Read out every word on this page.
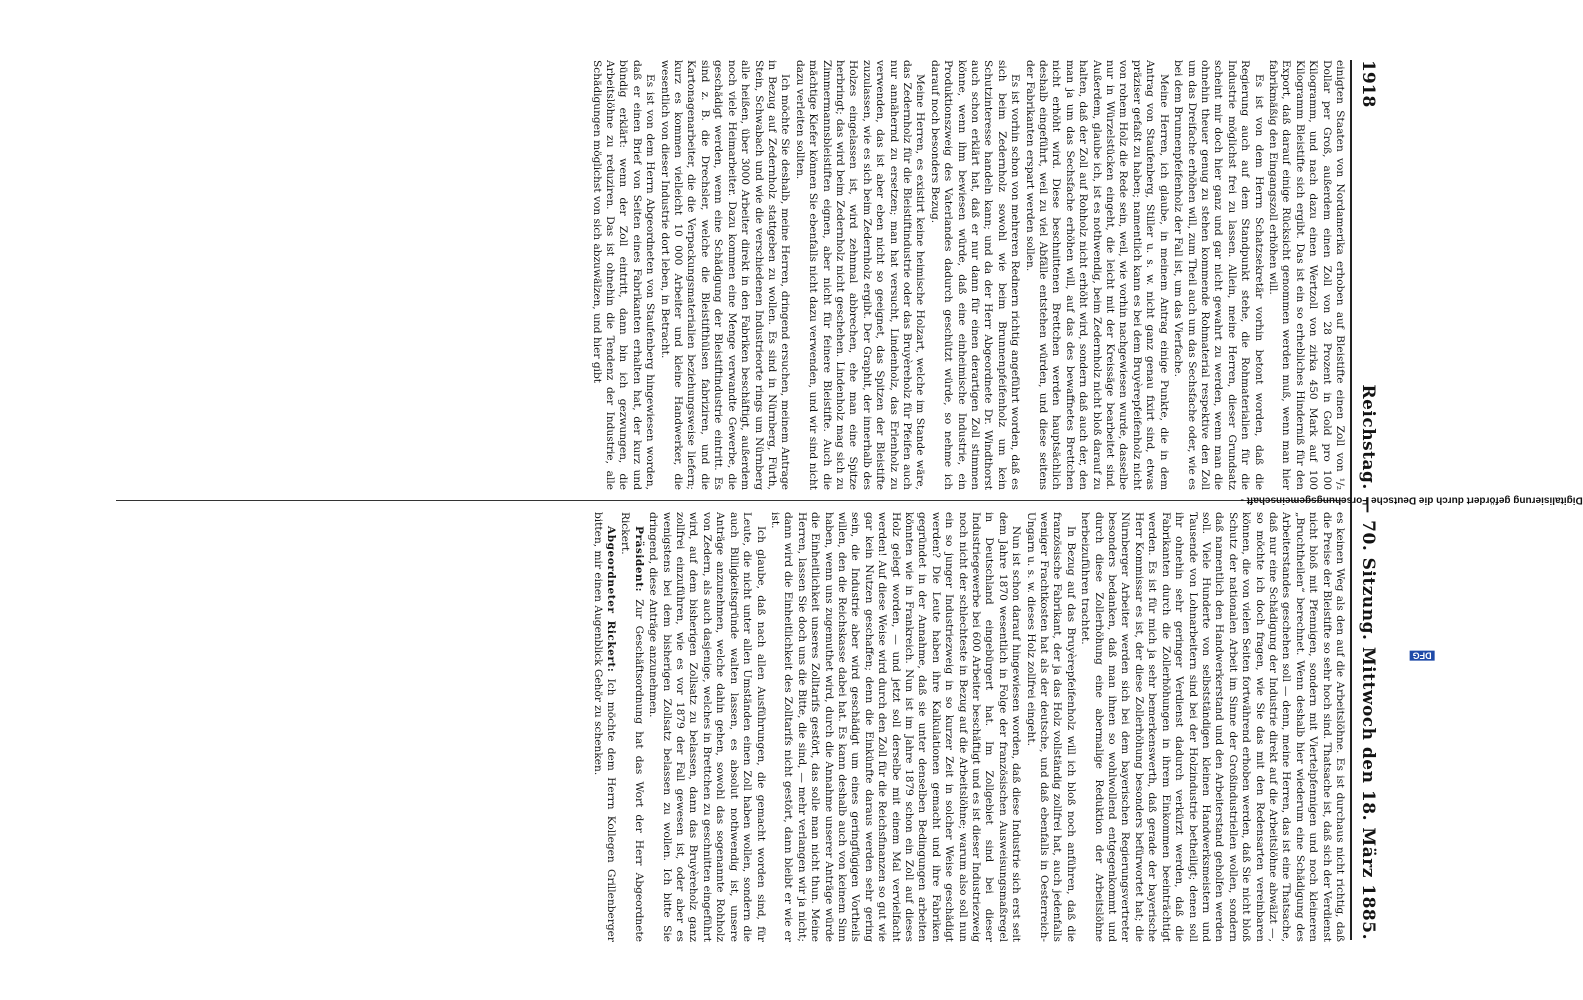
1918
Reichstag. — 70. Sitzung. Mittwoch den 18. März 1885.

einigten Staaten von Nordamerika erhoben auf Bleistifte einen Zoll von ¹/₂ Dollar per Groß, außerdem einen Zoll von 28 Prozent in Gold pro 100 Kilogramm, und nach dazu einen Wertzoll von zirka 450 Mark auf 100 Kilogramm Bleistifte sich ergibt. Das ist ein so erhebliches Hinderniß für den Export, daß darauf einige Rücksicht genommen werden muß, wenn man hier fabrikmäßig den Eingangszoll erhöhen will.

Es ist von dem Herrn Schatzsekretär vorhin betont worden, daß die Regierung auch auf dem Standpunkt stehe, die Rohmaterialien für die Industrie möglichst frei zu lassen. Allein, meine Herren, dieser Grundsatz scheint mir doch hier ganz und gar nicht gewahrt zu werden, wenn man die ohnehin theuer genug zu stehen kommende Rohmaterial respektive den Zoll um das Dreifache erhöhen will, zum Theil auch um das Sechsfache oder, wie es bei dem Brunnenpfeifenholz der Fall ist, um das Vierfache.

Meine Herren, ich glaube, in meinem Antrag einige Punkte, die in dem Antrag von Staufenberg, Stiller u. s. w. nicht ganz genau fixirt sind, etwas präziser gefaßt zu haben; namentlich kann es bei dem Bruyèrepfeifenholz nicht von rohem Holz die Rede sein, weil, wie vorhin nachgewiesen wurde, dasselbe nur in Würzelstücken eingeht, die leicht mit der Kreissäge bearbeitet sind. Außerdem, glaube ich, ist es nothwendig, beim Zedernholz nicht bloß darauf zu halten, daß der Zoll auf Rohholz nicht erhöht wird, sondern daß auch der, den man ja um das Sechsfache erhöhen will, auf das des bewaffnetes Brettchen nicht erhöht wird. Diese beschnittenen Brettchen werden hauptsächlich deshalb eingeführt, weil zu viel Abfälle entstehen würden, und diese seitens der Fabrikanten erspart werden sollen.

Es ist vorhin schon von mehreren Rednern richtig angeführt worden, daß es sich beim Zedernholz sowohl wie beim Brunnenpfeifenholz um kein Schutzinteresse handeln kann; und da der Herr Abgeordnete Dr. Windthorst auch schon erklärt hat, daß er nur dann für einen derartigen Zoll stimmen könne, wenn ihm bewiesen würde, daß eine einheimische Industrie, ein Produktionszweig des Vaterlandes dadurch geschützt würde, so nehme ich darauf noch besonders Bezug.

Meine Herren, es existirt keine heimische Holzart, welche im Stande wäre, das Zedernholz für die Bleistiftindustrie oder das Bruyèreholz für Pfeifen auch nur annähernd zu ersetzen; man hat versucht, Lindenholz, das Erlenholz zu verwenden, das ist aber eben nicht so geeignet, das Spitzen der Bleistifte zuzulassen, wie es sich beim Zedernholz ergibt. Der Graphit, der innerhalb des Holzes eingelassen ist, wird zehnmal abbrechen, ehe man eine Spitze herbringt; das wird beim Zedernholz nicht geschehen. Lindenholz mag sich zu Zimmermannsbleistiften eignen, aber nicht für feinere Bleistifte. Auch die mächtige Kiefer können Sie ebenfalls nicht dazu verwenden, und wir sind nicht dazu verleiten sollten.

Ich möchte Sie deshalb, meine Herren, dringend ersuchen, meinem Antrage in Bezug auf Zedernholz stattgeben zu wollen. Es sind in Nürnberg, Fürth, Stein, Schwabach und wie die verschiedenen Industrieorte rings um Nürnberg alle heißen, über 3000 Arbeiter direkt in den Fabriken beschäftigt, außerdem noch viele Heimarbeiter. Dazu kommen eine Menge verwandte Gewerbe, die geschädigt werden, wenn eine Schädigung der Bleistiftindustrie eintritt. Es sind z. B. die Drechsler, welche die Bleistifthülsen fabriziren, und die Kartonagenarbeiter, die die Verpackungsmaterialien beziehungsweise liefern; kurz es kommen vielleicht 10 000 Arbeiter und kleine Handwerker, die wesentlich von dieser Industrie dort leben, in Betracht.

Es ist von dem Herrn Abgeordneten von Staufenberg hingewiesen worden, daß er einen Brief von Seiten eines Fabrikanten erhalten hat, der kurz und bündig erklärt: wenn der Zoll eintritt, dann bin ich gezwungen, die Arbeitslöhne zu reduziren. Das ist ohnehin die Tendenz der Industrie, alle Schädigungen möglichst von sich abzuwälzen, und hier gibt

es keinen Weg als den auf die Arbeitslöhne. Es ist durchaus nicht richtig, daß die Preise der Bleistifte so sehr hoch sind. Thatsache ist, daß sich der Verdienst nicht bloß mit Pfennigen, sondern mit Viertelpfennigen und noch kleineren „Bruchtheilen“ berechnet. Wenn deshalb hier wiederum eine Schädigung des Arbeiterstandes geschehen soll — denn, meine Herren, das ist eine Thatsache, daß nur eine Schädigung der Industrie direkt auf die Arbeitslöhne abwälzt —, so möchte ich doch fragen, wie Sie das mit den Redensarten vereinbaren können, die von vielen Seiten fortwährend erhoben werden, daß Sie nicht bloß Schutz der nationalen Arbeit im Sinne der Großindustriellen wollen, sondern daß namentlich den Handwerkerstand und den Arbeiterstand geholfen werden soll. Viele Hunderte von selbstständigen kleinen Handwerksmeistern und Tausende von Lohnarbeitern sind bei der Holzindustrie betheiligt; denen soll ihr ohnehin sehr geringer Verdienst dadurch verkürzt werden, daß die Fabrikanten durch die Zollerhöhungen in ihrem Einkommen beeinträchtigt werden. Es ist für mich ja sehr bemerkenswerth, daß gerade der bayerische Herr Kommissar es ist, der diese Zollerhöhung besonders befürwortet hat; die Nürnberger Arbeiter werden sich bei dem bayerischen Regierungsvertreter besonders bedanken, daß man ihnen so wohlwollend entgegenkommt und durch diese Zollerhöhung eine abermalige Reduktion der Arbeitslöhne herbeizuführen trachtet.

In Bezug auf das Bruyèrepfeifenholz will ich bloß noch anführen, daß die französische Fabrikant, der ja das Holz vollständig zollfrei hat, auch jedenfalls weniger Frachtkosten hat als der deutsche, und daß ebenfalls in Oesterreich-Ungarn u. s. w. dieses Holz zollfrei eingeht.

Nun ist schon darauf hingewiesen worden, daß diese Industrie sich erst seit dem Jahre 1870 wesentlich in Folge der französischen Ausweisungsmaßregel in Deutschland eingebürgert hat. Im Zollgebiet sind bei dieser Industriegewerbe bei 600 Arbeiter beschäftigt und es ist dieser Industriezweig noch nicht der schlechteste in Bezug auf die Arbeitslöhne; warum also soll nun ein so junger Industriezweig in so kurzer Zeit in solcher Weise geschädigt werden? Die Leute haben ihre Kalkulationen gemacht und ihre Fabriken gegründet in der Annahme, daß sie unter denselben Bedingungen arbeiten könnten wie in Frankreich. Nun ist im Jahre 1879 schon ein Zoll auf dieses Holz gelegt worden, — und jetzt soll derselbe mit einem Mal vervielfacht werden! Auf diese Weise wird durch den Zoll für die Reichsfinanzen so gut wie gar kein Nutzen geschaffen; denn die Einkünfte daraus werden sehr gering sein, die Industrie aber wird geschädigt um eines geringfügigen Vortheils willen, den die Reichskasse dabei hat. Es kann deshalb auch von keinem Sinn haben, wenn uns zugemuthet wird, durch die Annahme unserer Anträge würde die Einheitlichkeit unseres Zolltarifs gestört, das solle man nicht thun. Meine Herren, lassen Sie doch uns die Bitte, die sind, — mehr verlangen wir ja nicht; dann wird die Einheitlichkeit des Zolltarifs nicht gestört, dann bleibt er wie er ist.

Ich glaube, daß nach allen Ausführungen, die gemacht worden sind, für Leute, die nicht unter allen Umständen einen Zoll haben wollen, sondern die auch Billigkeitsgründe walten lassen, es absolut nothwendig ist, unsere Anträge anzunehmen, welche dahin gehen, sowohl das sogenannte Rohholz von Zedern, als auch dasjenige, welches in Brettchen zu geschnitten eingeführt wird, auf dem bisherigen Zollsatz zu belassen, dann das Bruyèreholz ganz zollfrei einzuführen, wie es vor 1879 der Fall gewesen ist, oder aber es wenigstens bei dem bisherigen Zollsatz belassen zu wollen. Ich bitte Sie dringend, diese Anträge anzunehmen.

Präsident: Zur Geschäftsordnung hat das Wort der Herr Abgeordnete Rickert.

Abgeordneter Rickert: Ich möchte dem Herrn Kollegen Grillenberger bitten, mir einen Augenblick Gehör zu schenken.

Digitalisierung gefördert durch die Deutsche Forschungsgemeinschaft -
DFG
